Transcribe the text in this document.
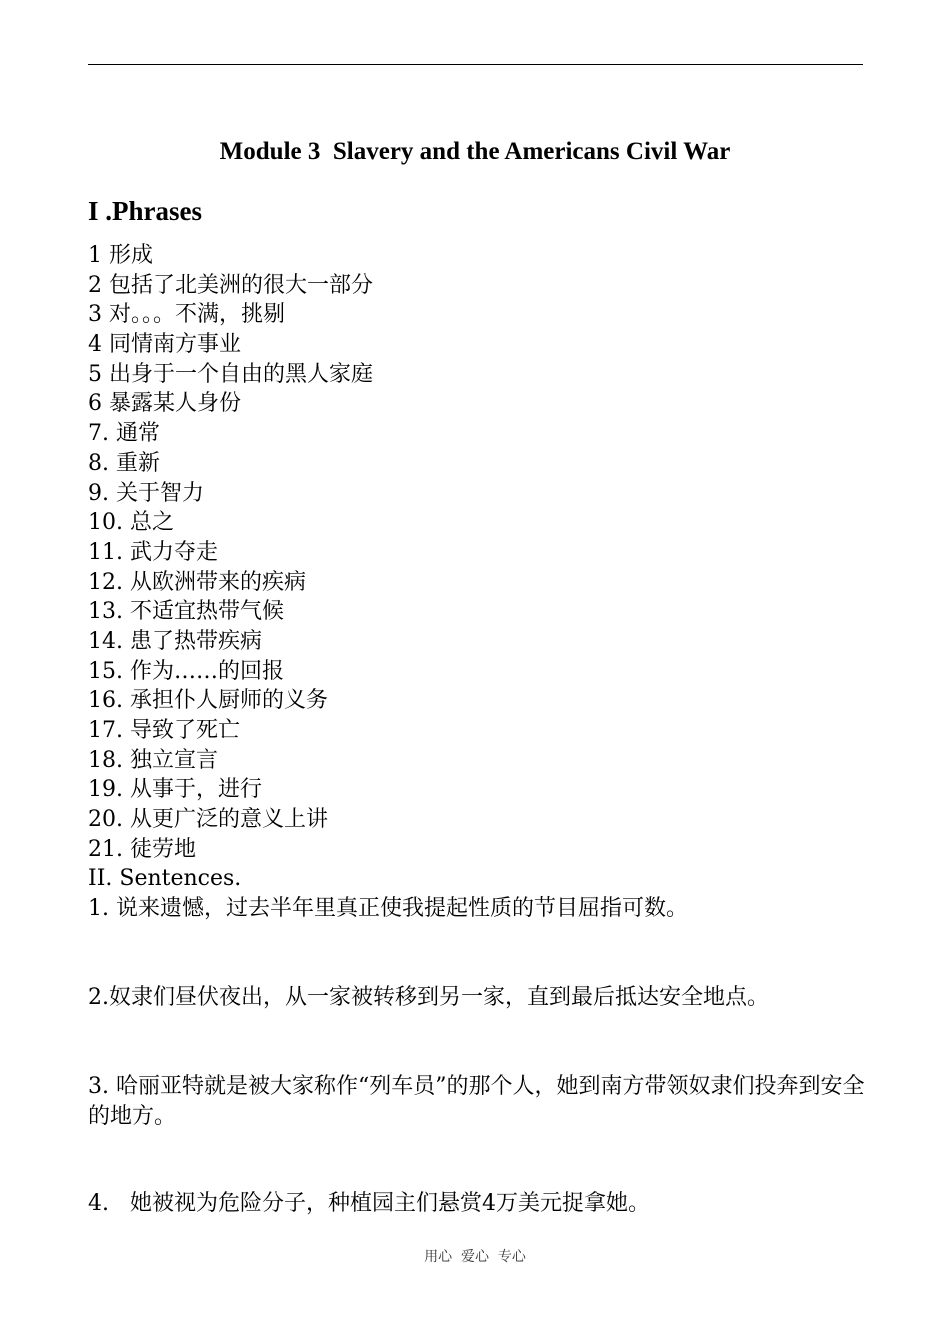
Module 3  Slavery and the Americans Civil War
I .Phrases
1 形成
2 包括了北美洲的很大一部分
3 对。。。不满，挑剔
4 同情南方事业
5 出身于一个自由的黑人家庭
6 暴露某人身份
7. 通常
8. 重新
9. 关于智力
10. 总之
11. 武力夺走
12. 从欧洲带来的疾病
13. 不适宜热带气候
14. 患了热带疾病
15. 作为……的回报
16. 承担仆人厨师的义务
17. 导致了死亡
18. 独立宣言
19. 从事于，进行
20. 从更广泛的意义上讲
21. 徒劳地
II. Sentences.
1. 说来遗憾，过去半年里真正使我提起性质的节目屈指可数。
2.奴隶们昼伏夜出，从一家被转移到另一家，直到最后抵达安全地点。
3. 哈丽亚特就是被大家称作“列车员”的那个人，她到南方带领奴隶们投奔到安全的地方。
4.   她被视为危险分子，种植园主们悬赏4万美元捉拿她。
用心  爱心  专心
